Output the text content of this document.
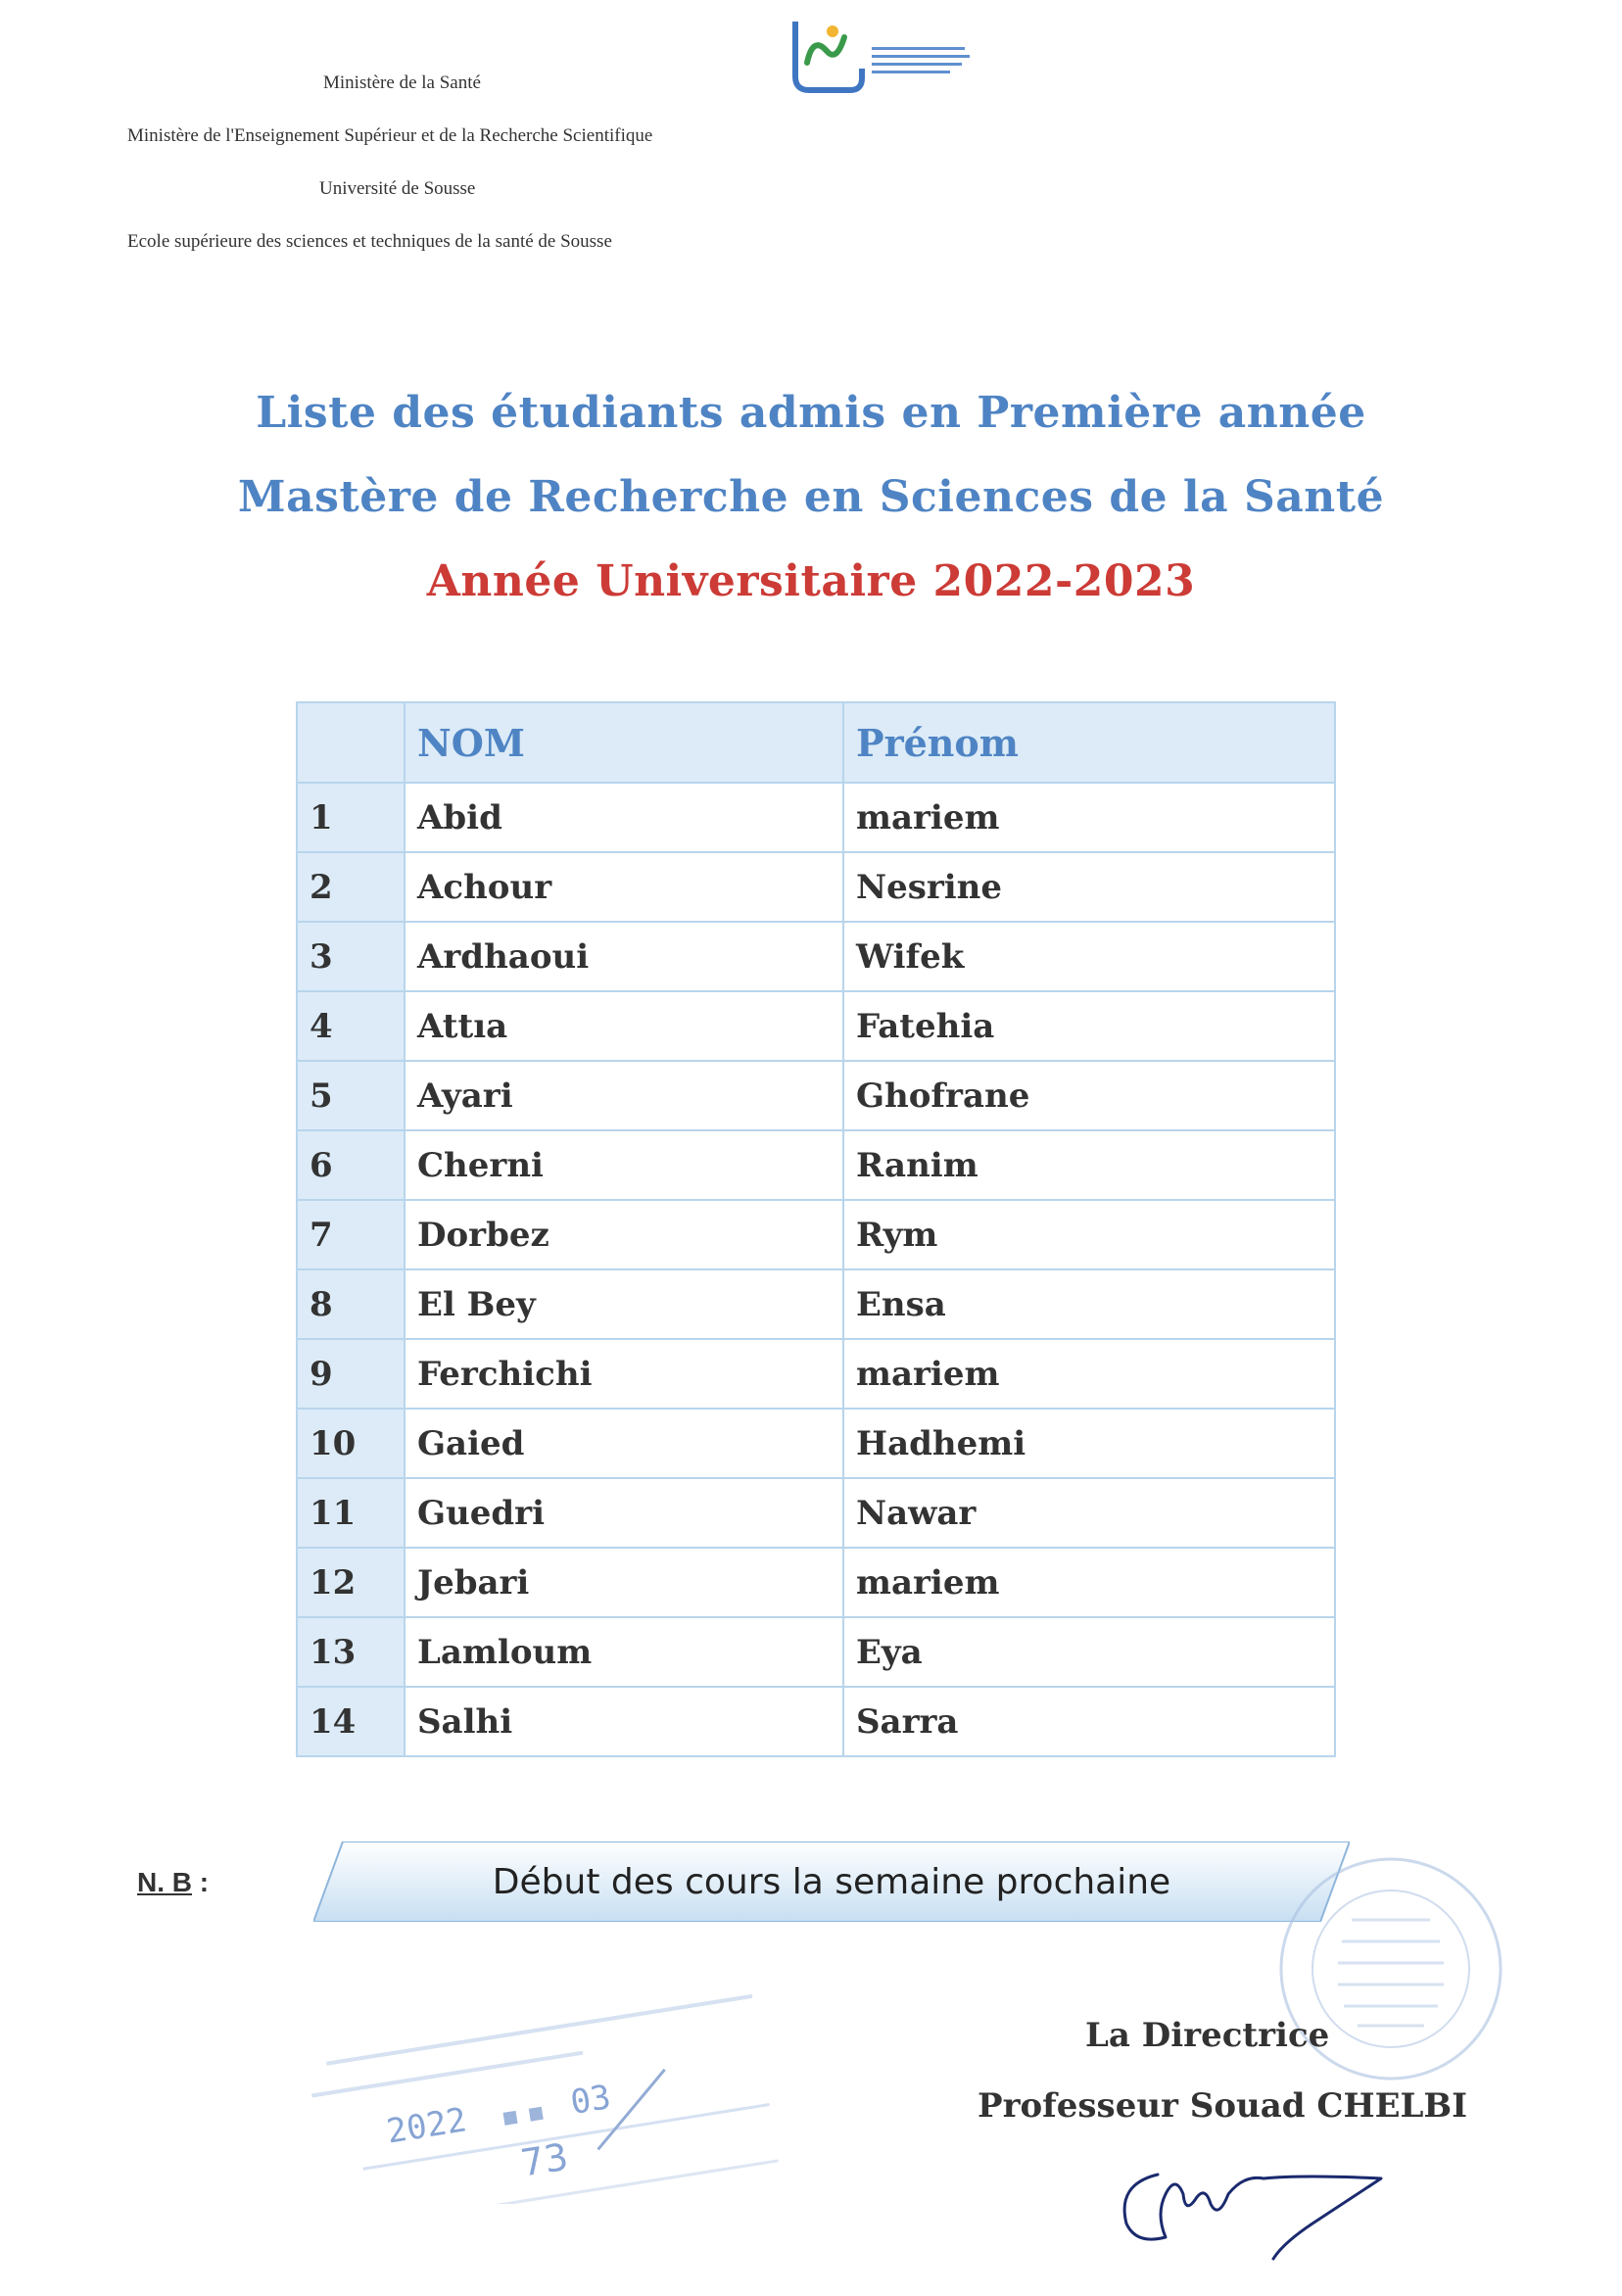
Ministère de la Santé
Ministère de l'Enseignement Supérieur et de la Recherche Scientifique
Université de Sousse
Ecole supérieure des sciences et techniques de la santé de Sousse
Liste des étudiants admis en Première année
Mastère de Recherche en Sciences de la Santé
Année Universitaire 2022-2023
	NOM	Prénom
1	Abid	mariem
2	Achour	Nesrine
3	Ardhaoui	Wifek
4	Attıa	Fatehia
5	Ayari	Ghofrane
6	Cherni	Ranim
7	Dorbez	Rym
8	El Bey	Ensa
9	Ferchichi	mariem
10	Gaied	Hadhemi
11	Guedri	Nawar
12	Jebari	mariem
13	Lamloum	Eya
14	Salhi	Sarra
N. B :	Début des cours la semaine prochaine
2022 ■ ■ 03
73
La Directrice
Professeur Souad CHELBI
